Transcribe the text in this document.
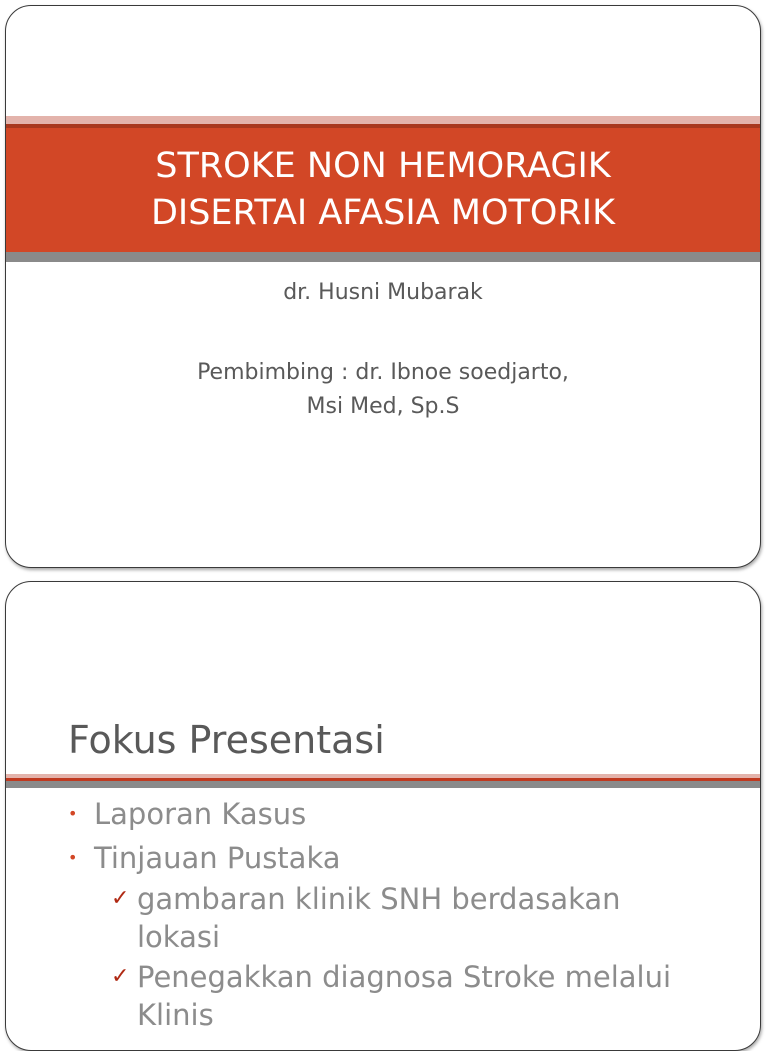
STROKE NON HEMORAGIK
DISERTAI AFASIA MOTORIK
dr. Husni Mubarak
Pembimbing : dr. Ibnoe soedjarto,
Msi Med, Sp.S
Fokus Presentasi
• Laporan Kasus
• Tinjauan Pustaka
✓ gambaran klinik SNH berdasakan lokasi
✓ Penegakkan diagnosa Stroke melalui Klinis
